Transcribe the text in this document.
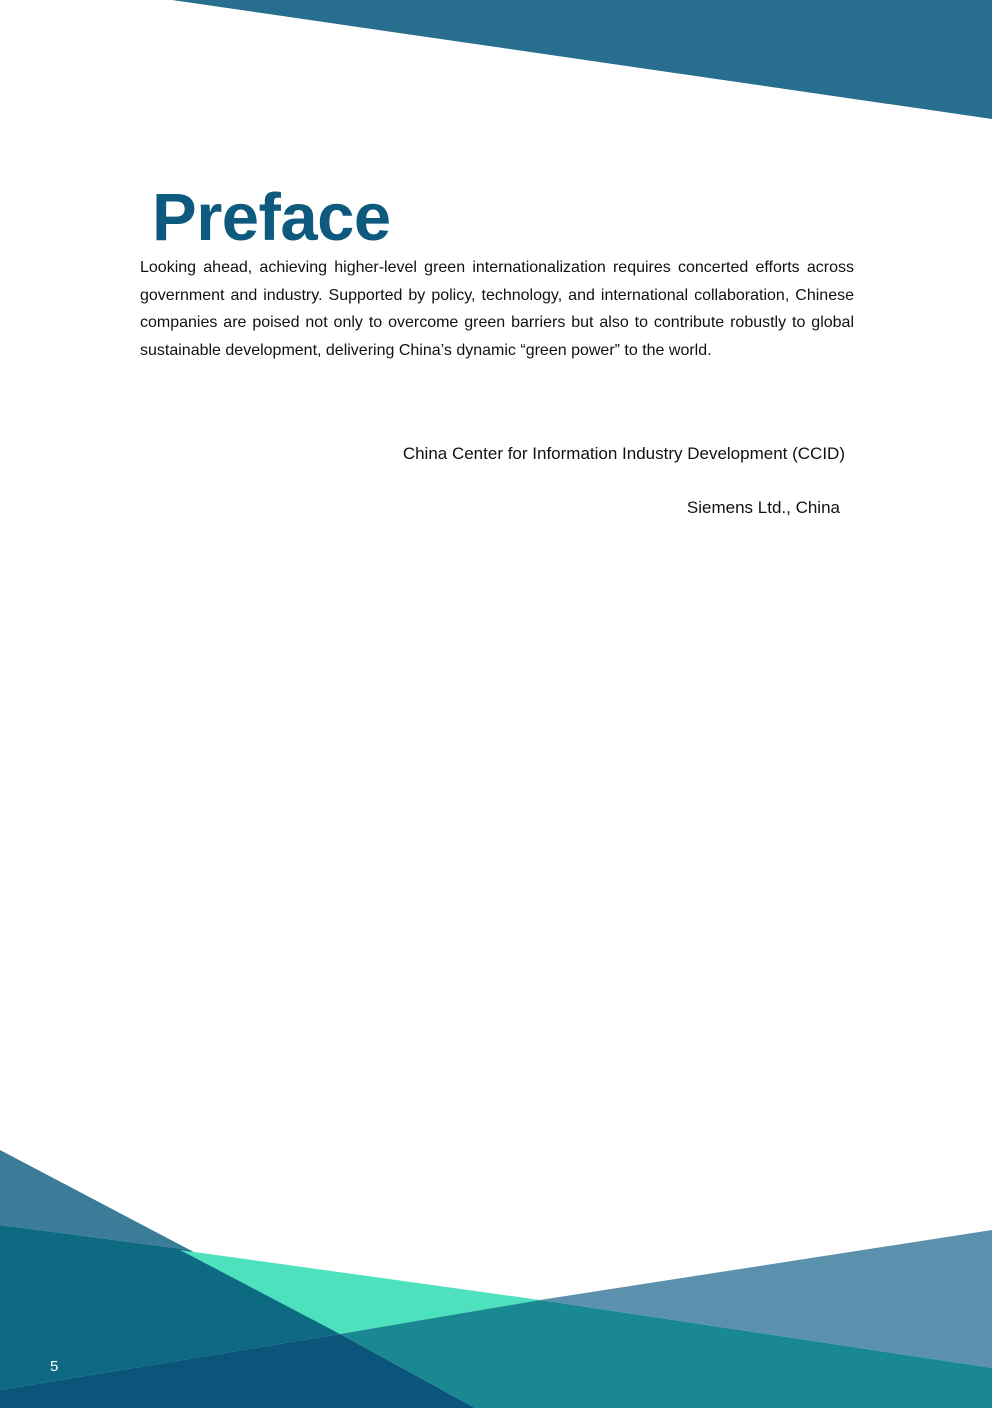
Preface

Looking ahead, achieving higher-level green internationalization requires concerted efforts across government and industry. Supported by policy, technology, and international collaboration, Chinese companies are poised not only to overcome green barriers but also to contribute robustly to global sustainable development, delivering China’s dynamic “green power” to the world.

China Center for Information Industry Development (CCID)

Siemens Ltd., China

5
